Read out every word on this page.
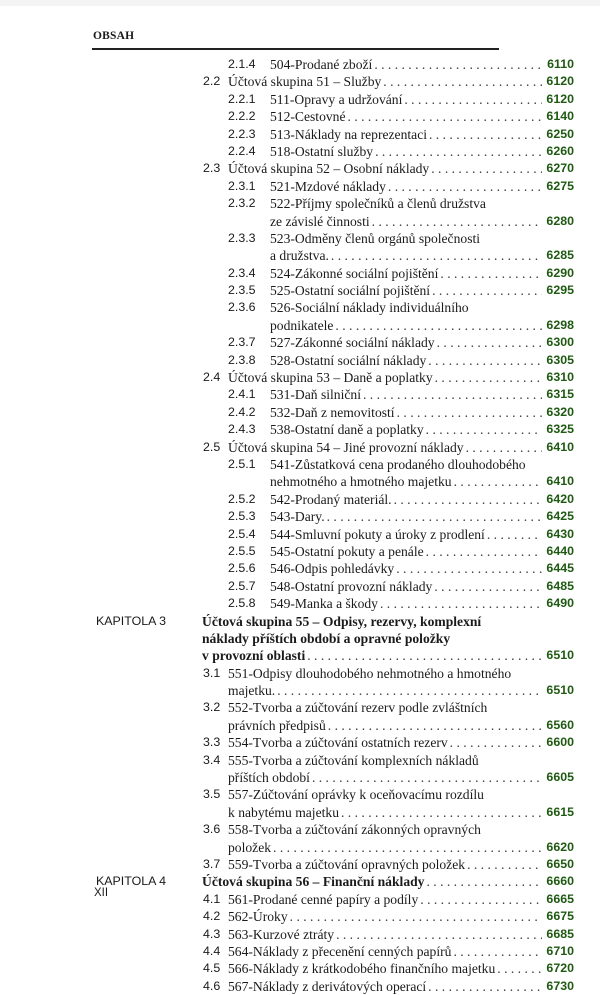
OBSAH
2.1.4 504-Prodané zboží . . .	6110
2.2 Účtová skupina 51 – Služby . . .	6120
2.2.1 511-Opravy a udržování . . .	6120
2.2.2 512-Cestovné . . .	6140
2.2.3 513-Náklady na reprezentaci . . .	6250
2.2.4 518-Ostatní služby . . .	6260
2.3 Účtová skupina 52 – Osobní náklady . . .	6270
2.3.1 521-Mzdové náklady . . .	6275
2.3.2 522-Příjmy společníků a členů družstva
ze závislé činnosti . . .	6280
2.3.3 523-Odměny členů orgánů společnosti
a družstva. . . .	6285
2.3.4 524-Zákonné sociální pojištění . . .	6290
2.3.5 525-Ostatní sociální pojištění . . .	6295
2.3.6 526-Sociální náklady individuálního
podnikatele . . .	6298
2.3.7 527-Zákonné sociální náklady . . .	6300
2.3.8 528-Ostatní sociální náklady . . .	6305
2.4 Účtová skupina 53 – Daně a poplatky . . .	6310
2.4.1 531-Daň silniční . . .	6315
2.4.2 532-Daň z nemovitostí . . .	6320
2.4.3 538-Ostatní daně a poplatky . . .	6325
2.5 Účtová skupina 54 – Jiné provozní náklady . . .	6410
2.5.1 541-Zůstatková cena prodaného dlouhodobého
nehmotného a hmotného majetku . . .	6410
2.5.2 542-Prodaný materiál. . . .	6420
2.5.3 543-Dary. . . .	6425
2.5.4 544-Smluvní pokuty a úroky z prodlení . . .	6430
2.5.5 545-Ostatní pokuty a penále . . .	6440
2.5.6 546-Odpis pohledávky . . .	6445
2.5.7 548-Ostatní provozní náklady . . .	6485
2.5.8 549-Manka a škody . . .	6490
KAPITOLA 3	Účtová skupina 55 – Odpisy, rezervy, komplexní
náklady příštích období a opravné položky
v provozní oblasti . . .	6510
3.1 551-Odpisy dlouhodobého nehmotného a hmotného
majetku. . . .	6510
3.2 552-Tvorba a zúčtování rezerv podle zvláštních
právních předpisů . . .	6560
3.3 554-Tvorba a zúčtování ostatních rezerv . . .	6600
3.4 555-Tvorba a zúčtování komplexních nákladů
příštích období . . .	6605
3.5 557-Zúčtování oprávky k oceňovacímu rozdílu
k nabytému majetku . . .	6615
3.6 558-Tvorba a zúčtování zákonných opravných
položek . . .	6620
3.7 559-Tvorba a zúčtování opravných položek . . .	6650
KAPITOLA 4	Účtová skupina 56 – Finanční náklady . . .	6660
4.1 561-Prodané cenné papíry a podíly . . .	6665
4.2 562-Úroky . . .	6675
4.3 563-Kurzové ztráty . . .	6685
4.4 564-Náklady z přecenění cenných papírů . . .	6710
4.5 566-Náklady z krátkodobého finančního majetku . . .	6720
4.6 567-Náklady z derivátových operací . . .	6730
XII
